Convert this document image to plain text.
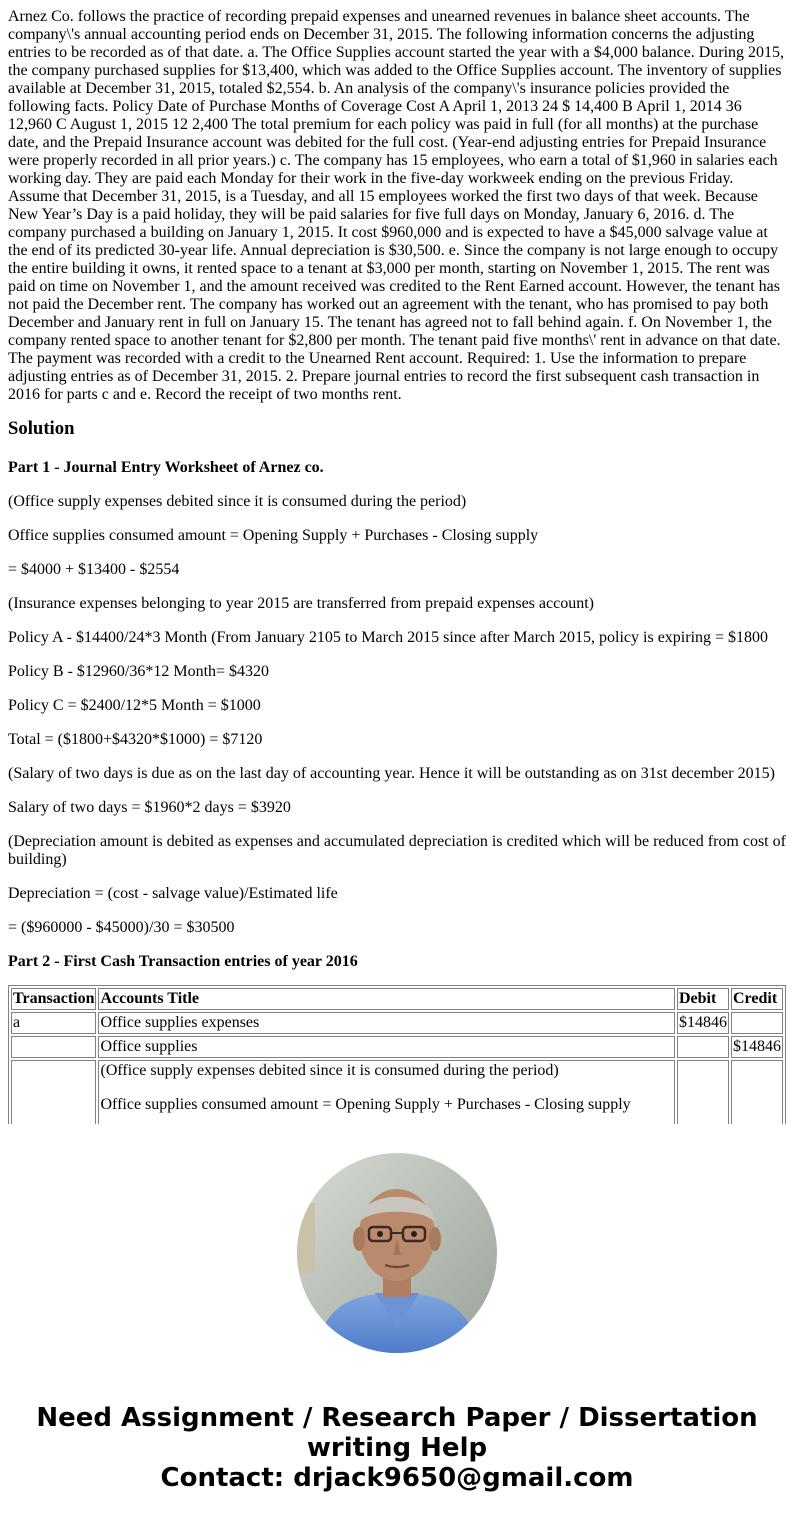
Arnez Co. follows the practice of recording prepaid expenses and unearned revenues in balance sheet accounts. The company\'s annual accounting period ends on December 31, 2015. The following information concerns the adjusting entries to be recorded as of that date. a. The Office Supplies account started the year with a $4,000 balance. During 2015, the company purchased supplies for $13,400, which was added to the Office Supplies account. The inventory of supplies available at December 31, 2015, totaled $2,554. b. An analysis of the company\'s insurance policies provided the following facts. Policy Date of Purchase Months of Coverage Cost A April 1, 2013 24 $ 14,400 B April 1, 2014 36 12,960 C August 1, 2015 12 2,400 The total premium for each policy was paid in full (for all months) at the purchase date, and the Prepaid Insurance account was debited for the full cost. (Year-end adjusting entries for Prepaid Insurance were properly recorded in all prior years.) c. The company has 15 employees, who earn a total of $1,960 in salaries each working day. They are paid each Monday for their work in the five-day workweek ending on the previous Friday. Assume that December 31, 2015, is a Tuesday, and all 15 employees worked the first two days of that week. Because New Year’s Day is a paid holiday, they will be paid salaries for five full days on Monday, January 6, 2016. d. The company purchased a building on January 1, 2015. It cost $960,000 and is expected to have a $45,000 salvage value at the end of its predicted 30-year life. Annual depreciation is $30,500. e. Since the company is not large enough to occupy the entire building it owns, it rented space to a tenant at $3,000 per month, starting on November 1, 2015. The rent was paid on time on November 1, and the amount received was credited to the Rent Earned account. However, the tenant has not paid the December rent. The company has worked out an agreement with the tenant, who has promised to pay both December and January rent in full on January 15. The tenant has agreed not to fall behind again. f. On November 1, the company rented space to another tenant for $2,800 per month. The tenant paid five months\' rent in advance on that date. The payment was recorded with a credit to the Unearned Rent account. Required: 1. Use the information to prepare adjusting entries as of December 31, 2015. 2. Prepare journal entries to record the first subsequent cash transaction in 2016 for parts c and e. Record the receipt of two months rent.
Solution
Part 1 - Journal Entry Worksheet of Arnez co.

(Office supply expenses debited since it is consumed during the period)

Office supplies consumed amount = Opening Supply + Purchases - Closing supply

= $4000 + $13400 - $2554

(Insurance expenses belonging to year 2015 are transferred from prepaid expenses account)

Policy A - $14400/24*3 Month (From January 2105 to March 2015 since after March 2015, policy is expiring = $1800

Policy B - $12960/36*12 Month= $4320

Policy C = $2400/12*5 Month = $1000

Total = ($1800+$4320*$1000) = $7120

(Salary of two days is due as on the last day of accounting year. Hence it will be outstanding as on 31st december 2015)

Salary of two days = $1960*2 days = $3920

(Depreciation amount is debited as expenses and accumulated depreciation is credited which will be reduced from cost of building)

Depreciation = (cost - salvage value)/Estimated life

= ($960000 - $45000)/30 = $30500

Part 2 - First Cash Transaction entries of year 2016
Transaction	Accounts Title	Debit	Credit
a	Office supplies expenses	$14846	
	Office supplies		$14846

	(Office supply expenses debited since it is consumed during the period)

Office supplies consumed amount = Opening Supply + Purchases - Closing supply		

Need Assignment / Research Paper / Dissertation
writing Help
Contact: drjack9650@gmail.com
